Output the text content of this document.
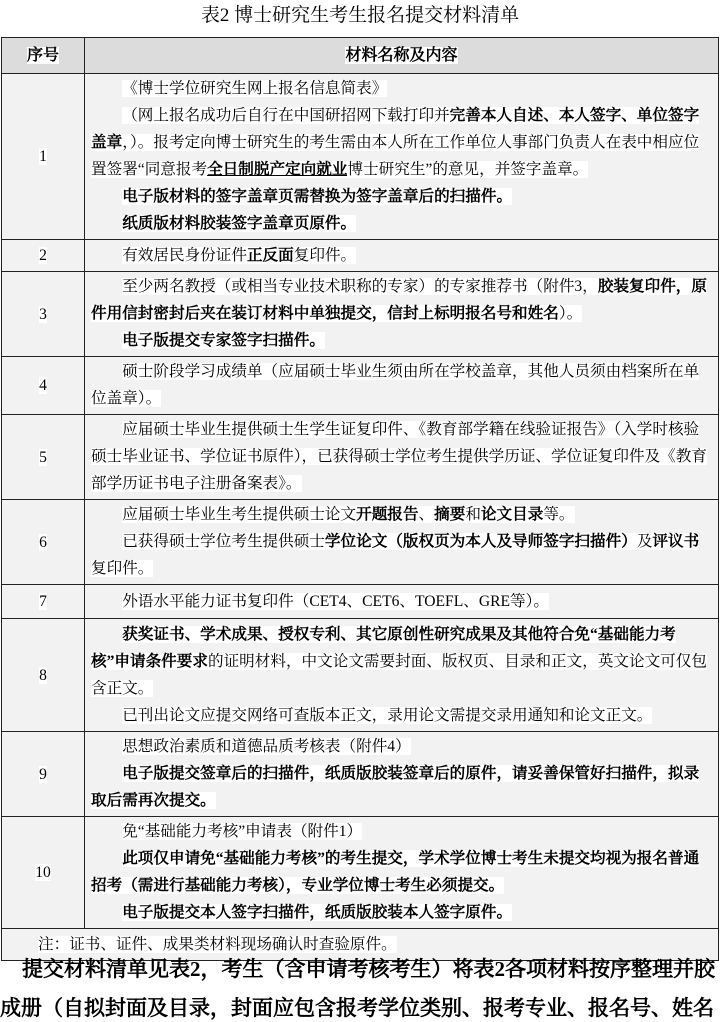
表2 博士研究生考生报名提交材料清单
序号	材料名称及内容
1	《博士学位研究生网上报名信息简表》

（网上报名成功后自行在中国研招网下载打印并完善本人自述、本人签字、单位签字盖章，）。报考定向博士研究生的考生需由本人所在工作单位人事部门负责人在表中相应位置签署“同意报考全日制脱产定向就业博士研究生”的意见，并签字盖章。

电子版材料的签字盖章页需替换为签字盖章后的扫描件。

纸质版材料胶装签字盖章页原件。

2	有效居民身份证件正反面复印件。

3	至少两名教授（或相当专业技术职称的专家）的专家推荐书（附件3，胶装复印件，原件用信封密封后夹在装订材料中单独提交，信封上标明报名号和姓名）。

电子版提交专家签字扫描件。

4	硕士阶段学习成绩单（应届硕士毕业生须由所在学校盖章，其他人员须由档案所在单位盖章）。

5	应届硕士毕业生提供硕士生学生证复印件、《教育部学籍在线验证报告》（入学时核验硕士毕业证书、学位证书原件），已获得硕士学位考生提供学历证、学位证复印件及《教育部学历证书电子注册备案表》。

6	应届硕士毕业生考生提供硕士论文开题报告、摘要和论文目录等。

已获得硕士学位考生提供硕士学位论文（版权页为本人及导师签字扫描件）及评议书复印件。

7	外语水平能力证书复印件（CET4、CET6、TOEFL、GRE等）。

8	获奖证书、学术成果、授权专利、其它原创性研究成果及其他符合免“基础能力考核”申请条件要求的证明材料，中文论文需要封面、版权页、目录和正文，英文论文可仅包含正文。

已刊出论文应提交网络可查版本正文，录用论文需提交录用通知和论文正文。

9	思想政治素质和道德品质考核表（附件4）

电子版提交签章后的扫描件，纸质版胶装签章后的原件，请妥善保管好扫描件，拟录取后需再次提交。

10	免“基础能力考核”申请表（附件1）

此项仅申请免“基础能力考核”的考生提交，学术学位博士考生未提交均视为报名普通招考（需进行基础能力考核），专业学位博士考生必须提交。

电子版提交本人签字扫描件，纸质版胶装本人签字原件。

注：证书、证件、成果类材料现场确认时查验原件。	
提交材料清单见表2，考生（含申请考核考生）将表2各项材料按序整理并胶
成册（自拟封面及目录，封面应包含报考学位类别、报考专业、报名号、姓名
